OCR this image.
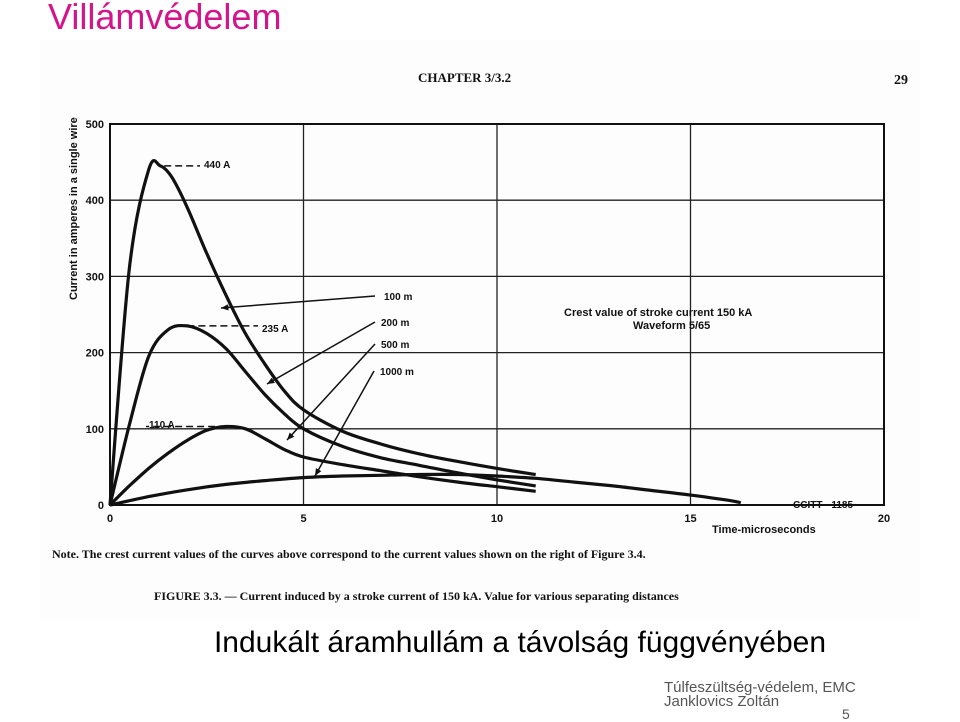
Villámvédelem
CHAPTER 3/3.2	29
0
100
200
300
400
500
0	5	10	15	20
Current in amperes in a single wire
Time-microseconds
440 A
235 A
110 A
100 m
200 m
500 m
1000 m
Crest value of stroke current 150 kA
Waveform 5/65
CCITT - 1185
Note. The crest current values of the curves above correspond to the current values shown on the right of Figure 3.4.
FIGURE 3.3. — Current induced by a stroke current of 150 kA. Value for various separating distances
Indukált áramhullám a távolság függvényében
Túlfeszültség-védelem, EMC
Janklovics Zoltán
5
